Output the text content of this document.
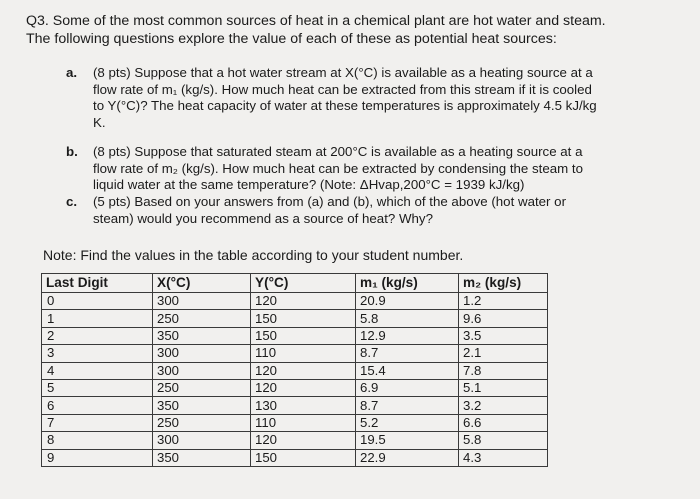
Q3. Some of the most common sources of heat in a chemical plant are hot water and steam.
The following questions explore the value of each of these as potential heat sources:
a. (8 pts) Suppose that a hot water stream at X(°C) is available as a heating source at a
flow rate of m₁ (kg/s). How much heat can be extracted from this stream if it is cooled
to Y(°C)? The heat capacity of water at these temperatures is approximately 4.5 kJ/kg
K.
b. (8 pts) Suppose that saturated steam at 200°C is available as a heating source at a
flow rate of m₂ (kg/s). How much heat can be extracted by condensing the steam to
liquid water at the same temperature? (Note: ΔHvap,200°C = 1939 kJ/kg)
c. (5 pts) Based on your answers from (a) and (b), which of the above (hot water or
steam) would you recommend as a source of heat? Why?
Note: Find the values in the table according to your student number.
Last Digit	X(°C)	Y(°C)	m₁ (kg/s)	m₂ (kg/s)
0	300	120	20.9	1.2
1	250	150	5.8	9.6
2	350	150	12.9	3.5
3	300	110	8.7	2.1
4	300	120	15.4	7.8
5	250	120	6.9	5.1
6	350	130	8.7	3.2
7	250	110	5.2	6.6
8	300	120	19.5	5.8
9	350	150	22.9	4.3
